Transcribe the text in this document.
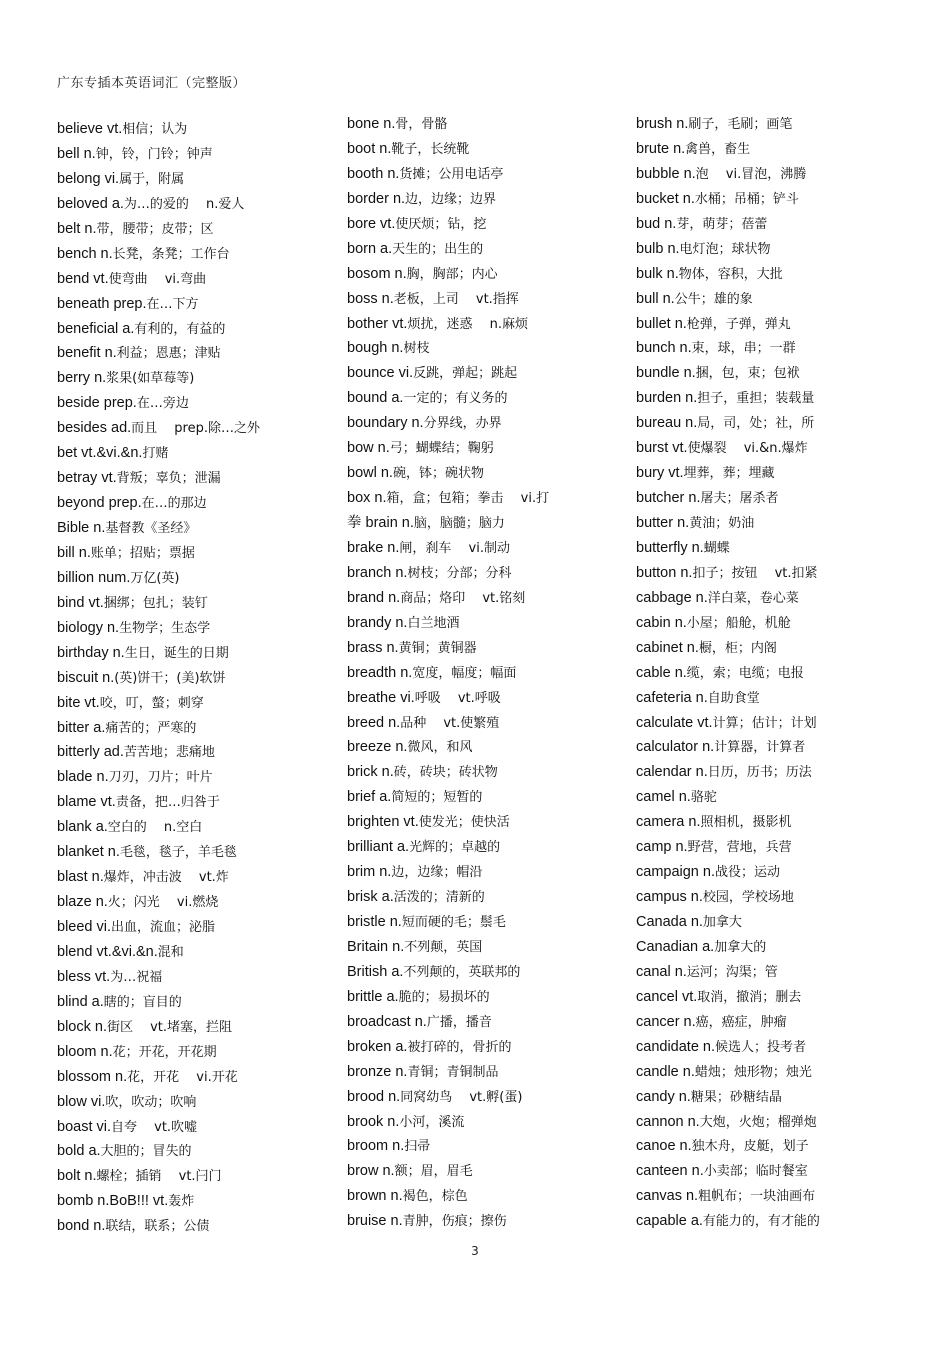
广东专插本英语词汇（完整版）
believe vt.相信；认为
bell n.钟，铃，门铃；钟声
belong vi.属于，附属
beloved a.为…的爱的　 n.爱人
belt n.带，腰带；皮带；区
bench n.长凳，条凳；工作台
bend vt.使弯曲　 vi.弯曲
beneath prep.在…下方
beneficial a.有利的，有益的
benefit n.利益；恩惠；津贴
berry n.浆果(如草莓等)
beside prep.在…旁边
besides ad.而且　 prep.除…之外
bet vt.&vi.&n.打赌
betray vt.背叛；辜负；泄漏
beyond prep.在…的那边
Bible n.基督教《圣经》
bill n.账单；招贴；票据
billion num.万亿(英)
bind vt.捆绑；包扎；装钉
biology n.生物学；生态学
birthday n.生日，诞生的日期
biscuit n.(英)饼干；(美)软饼
bite vt.咬，叮，螫；刺穿
bitter a.痛苦的；严寒的
bitterly ad.苦苦地；悲痛地
blade n.刀刃，刀片；叶片
blame vt.责备，把…归咎于
blank a.空白的　 n.空白
blanket n.毛毯，毯子，羊毛毯
blast n.爆炸，冲击波　 vt.炸
blaze n.火；闪光　 vi.燃烧
bleed vi.出血，流血；泌脂
blend vt.&vi.&n.混和
bless vt.为…祝福
blind a.瞎的；盲目的
block n.街区　 vt.堵塞，拦阻
bloom n.花；开花，开花期
blossom n.花，开花　 vi.开花
blow vi.吹，吹动；吹响
boast vi.自夸　 vt.吹嘘
bold a.大胆的；冒失的
bolt n.螺栓；插销　 vt.闩门
bomb n.BoB!!! vt.轰炸
bond n.联结，联系；公债
bone n.骨，骨骼
boot n.靴子，长统靴
booth n.货摊；公用电话亭
border n.边，边缘；边界
bore vt.使厌烦；钻，挖
born a.天生的；出生的
bosom n.胸，胸部；内心
boss n.老板，上司　 vt.指挥
bother vt.烦扰，迷惑　 n.麻烦
bough n.树枝
bounce vi.反跳，弹起；跳起
bound a.一定的；有义务的
boundary n.分界线，办界
bow n.弓；蝴蝶结；鞠躬
bowl n.碗，钵；碗状物
box n.箱，盒；包箱；拳击　 vi.打
拳 brain n.脑，脑髓；脑力
brake n.闸，刹车　 vi.制动
branch n.树枝；分部；分科
brand n.商品；烙印　 vt.铭刻
brandy n.白兰地酒
brass n.黄铜；黄铜器
breadth n.宽度，幅度；幅面
breathe vi.呼吸　 vt.呼吸
breed n.品种　 vt.使繁殖
breeze n.微风，和风
brick n.砖，砖块；砖状物
brief a.简短的；短暂的
brighten vt.使发光；使快活
brilliant a.光辉的；卓越的
brim n.边，边缘；帽沿
brisk a.活泼的；清新的
bristle n.短而硬的毛；鬃毛
Britain n.不列颠，英国
British a.不列颠的，英联邦的
brittle a.脆的；易损坏的
broadcast n.广播，播音
broken a.被打碎的，骨折的
bronze n.青铜；青铜制品
brood n.同窝幼鸟　 vt.孵(蛋)
brook n.小河，溪流
broom n.扫帚
brow n.额；眉，眉毛
brown n.褐色，棕色
bruise n.青肿，伤痕；擦伤
brush n.刷子，毛刷；画笔
brute n.禽兽，畜生
bubble n.泡　 vi.冒泡，沸腾
bucket n.水桶；吊桶；铲斗
bud n.芽，萌芽；蓓蕾
bulb n.电灯泡；球状物
bulk n.物体，容积，大批
bull n.公牛；雄的象
bullet n.枪弹，子弹，弹丸
bunch n.束，球，串；一群
bundle n.捆，包，束；包袱
burden n.担子，重担；装载量
bureau n.局，司，处；社，所
burst vt.使爆裂　 vi.&n.爆炸
bury vt.埋葬，葬；埋藏
butcher n.屠夫；屠杀者
butter n.黄油；奶油
butterfly n.蝴蝶
button n.扣子；按钮　 vt.扣紧
cabbage n.洋白菜，卷心菜
cabin n.小屋；船舱，机舱
cabinet n.橱，柜；内阁
cable n.缆，索；电缆；电报
cafeteria n.自助食堂
calculate vt.计算；估计；计划
calculator n.计算器，计算者
calendar n.日历，历书；历法
camel n.骆驼
camera n.照相机，摄影机
camp n.野营，营地，兵营
campaign n.战役；运动
campus n.校园，学校场地
Canada n.加拿大
Canadian a.加拿大的
canal n.运河；沟渠；管
cancel vt.取消，撤消；删去
cancer n.癌，癌症，肿瘤
candidate n.候选人；投考者
candle n.蜡烛；烛形物；烛光
candy n.糖果；砂糖结晶
cannon n.大炮，火炮；榴弹炮
canoe n.独木舟，皮艇，划子
canteen n.小卖部；临时餐室
canvas n.粗帆布；一块油画布
capable a.有能力的，有才能的
3
